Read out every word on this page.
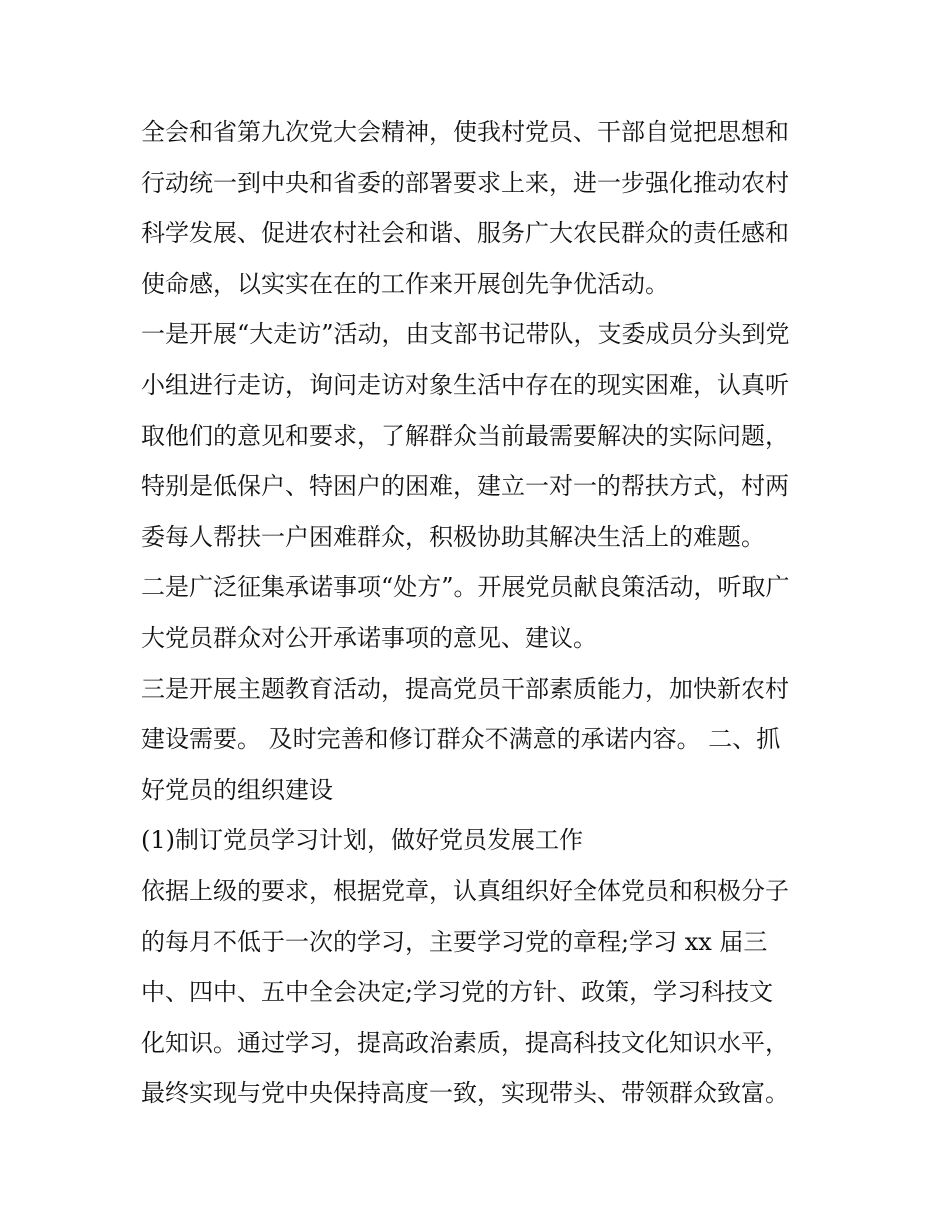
全会和省第九次党大会精神，使我村党员、干部自觉把思想和
行动统一到中央和省委的部署要求上来，进一步强化推动农村
科学发展、促进农村社会和谐、服务广大农民群众的责任感和
使命感，以实实在在的工作来开展创先争优活动。
一是开展“大走访”活动，由支部书记带队，支委成员分头到党
小组进行走访，询问走访对象生活中存在的现实困难，认真听
取他们的意见和要求，了解群众当前最需要解决的实际问题，
特别是低保户、特困户的困难，建立一对一的帮扶方式，村两
委每人帮扶一户困难群众，积极协助其解决生活上的难题。
二是广泛征集承诺事项“处方”。开展党员献良策活动，听取广
大党员群众对公开承诺事项的意见、建议。
三是开展主题教育活动，提高党员干部素质能力，加快新农村
建设需要。 及时完善和修订群众不满意的承诺内容。 二、抓
好党员的组织建设
(1)制订党员学习计划，做好党员发展工作
依据上级的要求，根据党章，认真组织好全体党员和积极分子
的每月不低于一次的学习，主要学习党的章程;学习 xx 届三
中、四中、五中全会决定;学习党的方针、政策，学习科技文
化知识。通过学习，提高政治素质，提高科技文化知识水平，
最终实现与党中央保持高度一致，实现带头、带领群众致富。
